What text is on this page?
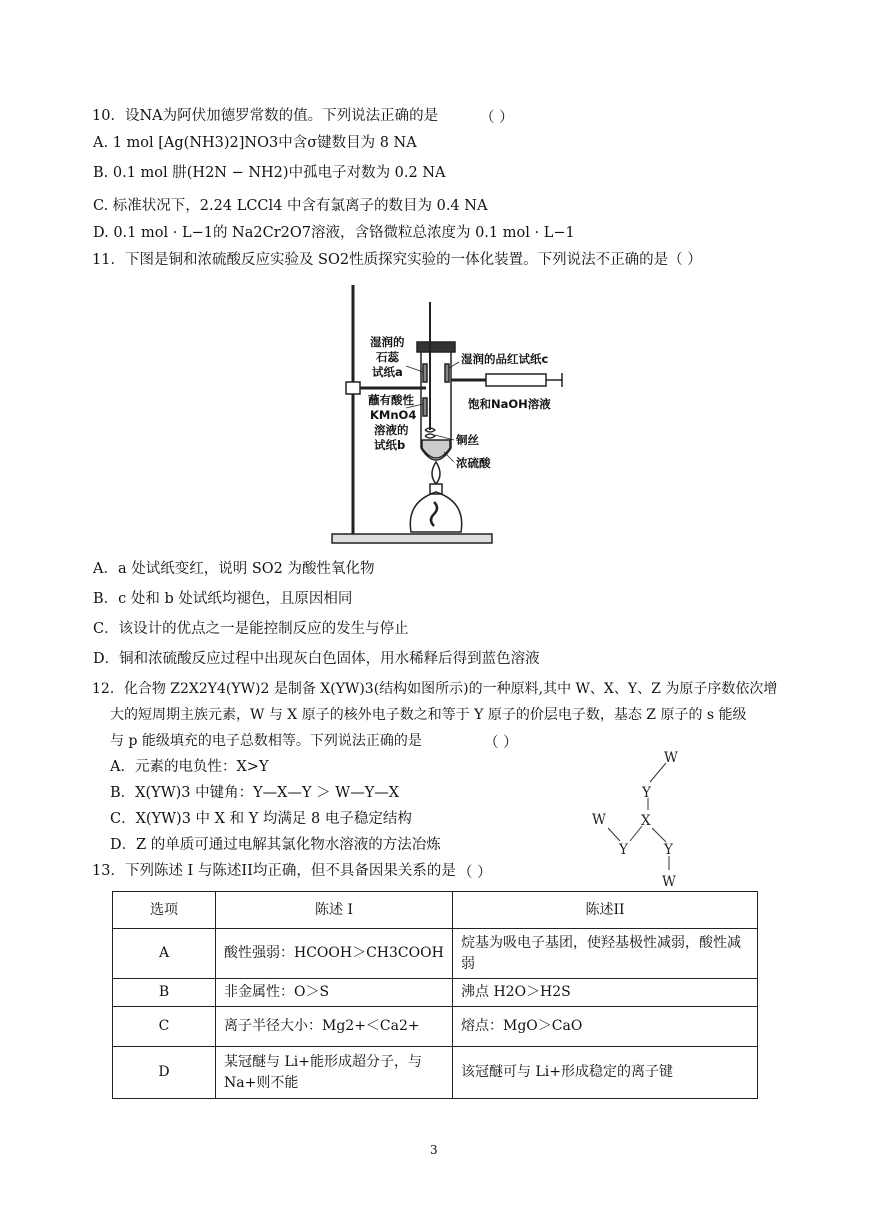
10．设NA为阿伏加德罗常数的值。下列说法正确的是	（ ）
A. 1 mol [Ag(NH3)2]NO3中含σ键数目为 8 NA
B. 0.1 mol 肼(H2N − NH2)中孤电子对数为 0.2 NA
C. 标准状况下，2.24 LCCl4 中含有氯离子的数目为 0.4 NA
D. 0.1 mol · L−1的 Na2Cr2O7溶液，含铬微粒总浓度为 0.1 mol · L−1
11．下图是铜和浓硫酸反应实验及 SO2性质探究实验的一体化装置。下列说法不正确的是（ ）
湿润的
石蕊
试纸a
湿润的品红试纸c
饱和NaOH溶液
蘸有酸性
KMnO4
溶液的
试纸b	铜丝
浓硫酸
A．a 处试纸变红，说明 SO2 为酸性氧化物
B．c 处和 b 处试纸均褪色，且原因相同
C．该设计的优点之一是能控制反应的发生与停止
D．铜和浓硫酸反应过程中出现灰白色固体，用水稀释后得到蓝色溶液
12．化合物 Z2X2Y4(YW)2 是制备 X(YW)3(结构如图所示)的一种原料,其中 W、X、Y、Z 为原子序数依次增
大的短周期主族元素，W 与 X 原子的核外电子数之和等于 Y 原子的价层电子数，基态 Z 原子的 s 能级
与 p 能级填充的电子总数相等。下列说法正确的是	（ ）
A．元素的电负性：X>Y
B．X(YW)3 中键角：Y—X—Y ＞ W—Y—X
C．X(YW)3 中 X 和 Y 均满足 8 电子稳定结构
D．Z 的单质可通过电解其氯化物水溶液的方法冶炼
W
Y
W	X
Y	Y
W
13．下列陈述 I 与陈述II均正确，但不具备因果关系的是 （ ）
选项	陈述 I	陈述II
A	酸性强弱：HCOOH＞CH3COOH	烷基为吸电子基团，使羟基极性减弱，酸性减弱
B	非金属性：O＞S	沸点 H2O＞H2S
C	离子半径大小：Mg2+＜Ca2+	熔点：MgO＞CaO
D	某冠醚与 Li+能形成超分子，与 Na+则不能	该冠醚可与 Li+形成稳定的离子键
3
